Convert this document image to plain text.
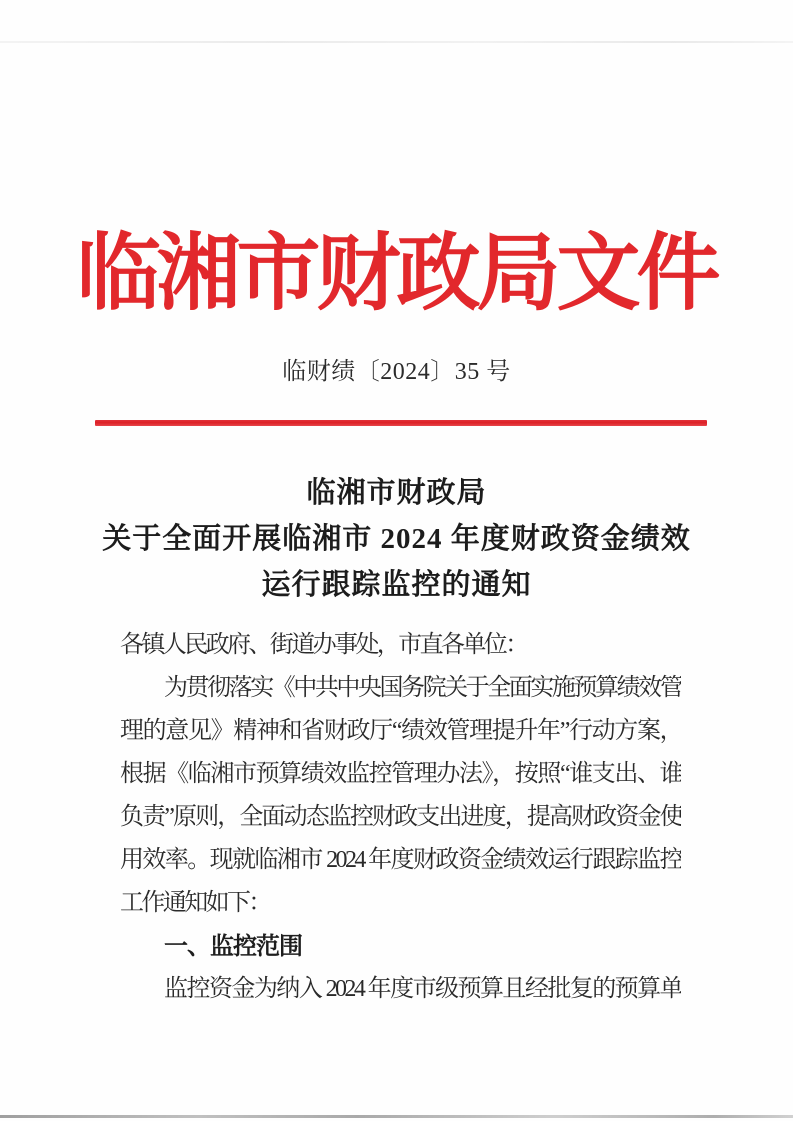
临湘市财政局文件
临财绩〔2024〕35 号
临湘市财政局
关于全面开展临湘市 2024 年度财政资金绩效
运行跟踪监控的通知
各镇人民政府、街道办事处，市直各单位：
为贯彻落实《中共中央国务院关于全面实施预算绩效管
理的意见》精神和省财政厅“绩效管理提升年”行动方案，
根据《临湘市预算绩效监控管理办法》，按照“谁支出、谁
负责”原则，全面动态监控财政支出进度，提高财政资金使
用效率。现就临湘市 2024 年度财政资金绩效运行跟踪监控
工作通知如下：
一、监控范围
监控资金为纳入 2024 年度市级预算且经批复的预算单
